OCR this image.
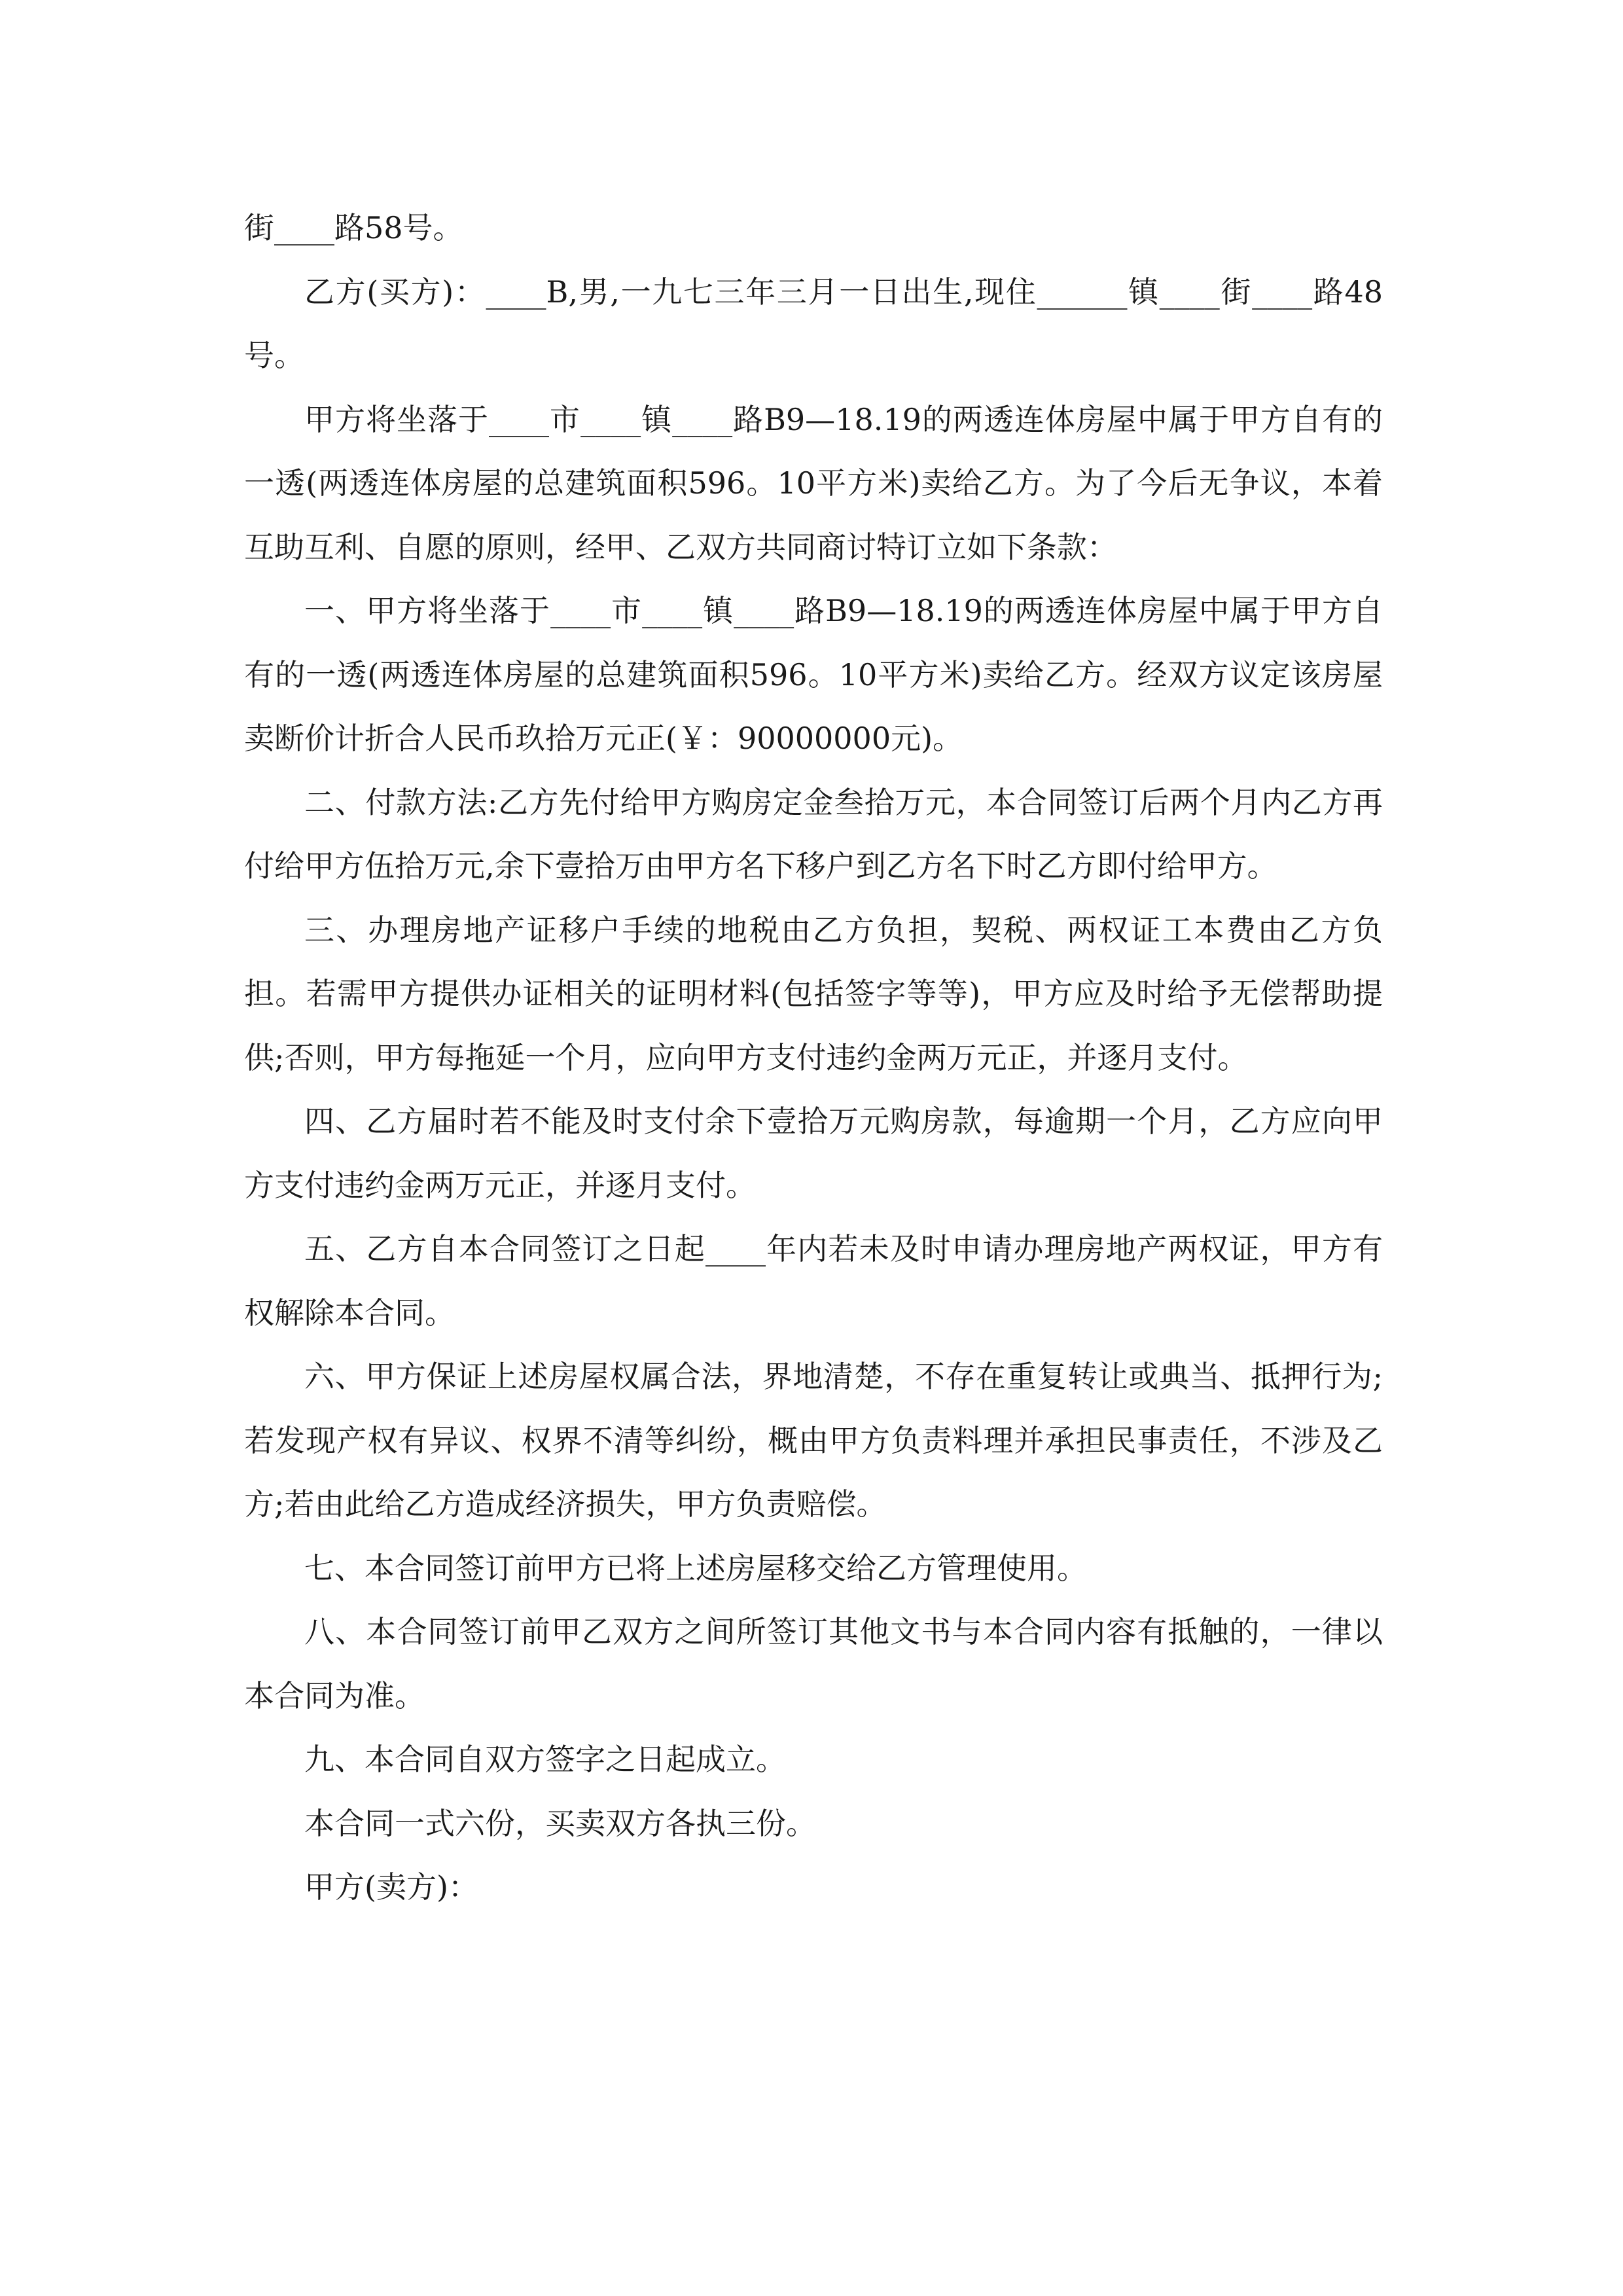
街____路58号。

乙方(买方)：____B,男,一九七三年三月一日出生,现住______镇____街____路48号。

甲方将坐落于____市____镇____路B9—18.19的两透连体房屋中属于甲方自有的一透(两透连体房屋的总建筑面积596。10平方米)卖给乙方。为了今后无争议，本着互助互利、自愿的原则，经甲、乙双方共同商讨特订立如下条款：

一、甲方将坐落于____市____镇____路B9—18.19的两透连体房屋中属于甲方自有的一透(两透连体房屋的总建筑面积596。10平方米)卖给乙方。经双方议定该房屋卖断价计折合人民币玖拾万元正(￥：90000000元)。

二、付款方法:乙方先付给甲方购房定金叁拾万元，本合同签订后两个月内乙方再付给甲方伍拾万元,余下壹拾万由甲方名下移户到乙方名下时乙方即付给甲方。

三、办理房地产证移户手续的地税由乙方负担，契税、两权证工本费由乙方负担。若需甲方提供办证相关的证明材料(包括签字等等)，甲方应及时给予无偿帮助提供;否则，甲方每拖延一个月，应向甲方支付违约金两万元正，并逐月支付。

四、乙方届时若不能及时支付余下壹拾万元购房款，每逾期一个月，乙方应向甲方支付违约金两万元正，并逐月支付。

五、乙方自本合同签订之日起____年内若未及时申请办理房地产两权证，甲方有权解除本合同。

六、甲方保证上述房屋权属合法，界地清楚，不存在重复转让或典当、抵押行为;若发现产权有异议、权界不清等纠纷，概由甲方负责料理并承担民事责任，不涉及乙方;若由此给乙方造成经济损失，甲方负责赔偿。

七、本合同签订前甲方已将上述房屋移交给乙方管理使用。

八、本合同签订前甲乙双方之间所签订其他文书与本合同内容有抵触的，一律以本合同为准。

九、本合同自双方签字之日起成立。

本合同一式六份，买卖双方各执三份。

甲方(卖方)：
